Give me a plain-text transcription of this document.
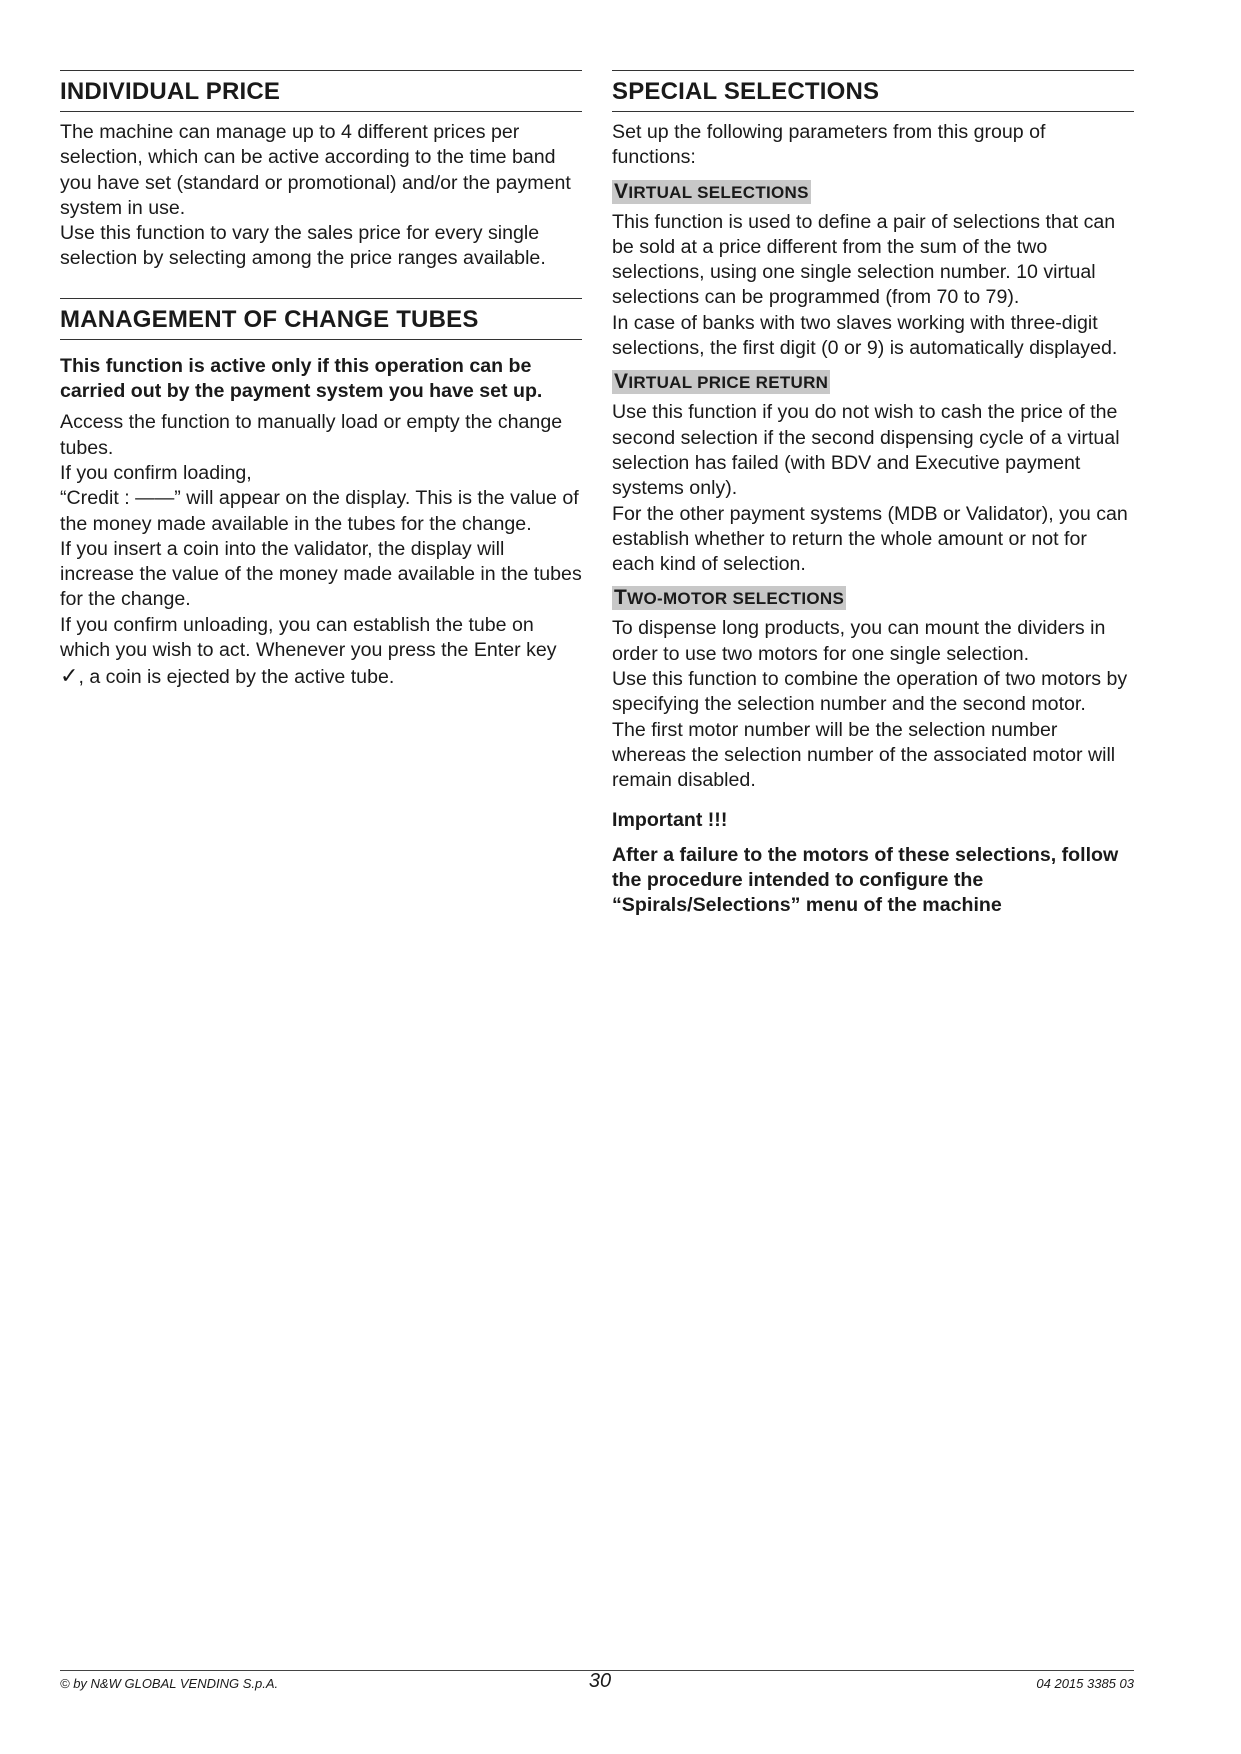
INDIVIDUAL PRICE

The machine can manage up to 4 different prices per selection, which can be active according to the time band you have set (standard or promotional) and/or the payment system in use.

Use this function to vary the sales price for every single selection by selecting among the price ranges available.

MANAGEMENT OF CHANGE TUBES

This function is active only if this operation can be carried out by the payment system you have set up.

Access the function to manually load or empty the change tubes.

If you confirm loading,

“Credit : ——” will appear on the display. This is the value of the money made available in the tubes for the change.

If you insert a coin into the validator, the display will increase the value of the money made available in the tubes for the change.

If you confirm unloading, you can establish the tube on which you wish to act. Whenever you press the Enter key
✓, a coin is ejected by the active tube.

SPECIAL SELECTIONS

Set up the following parameters from this group of functions:

VIRTUAL SELECTIONS

This function is used to define a pair of selections that can be sold at a price different from the sum of the two selections, using one single selection number. 10 virtual selections can be programmed (from 70 to 79).

In case of banks with two slaves working with three-digit selections, the first digit (0 or 9) is automatically displayed.

VIRTUAL PRICE RETURN

Use this function if you do not wish to cash the price of the second selection if the second dispensing cycle of a virtual selection has failed (with BDV and Executive payment systems only).

For the other payment systems (MDB or Validator), you can establish whether to return the whole amount or not for each kind of selection.

TWO-MOTOR SELECTIONS

To dispense long products, you can mount the dividers in order to use two motors for one single selection.

Use this function to combine the operation of two motors by specifying the selection number and the second motor.

The first motor number will be the selection number whereas the selection number of the associated motor will remain disabled.

Important !!!

After a failure to the motors of these selections, follow the procedure intended to configure the “Spirals/Selections” menu of the machine

© by N&W GLOBAL VENDING S.p.A.	30	04 2015 3385 03
